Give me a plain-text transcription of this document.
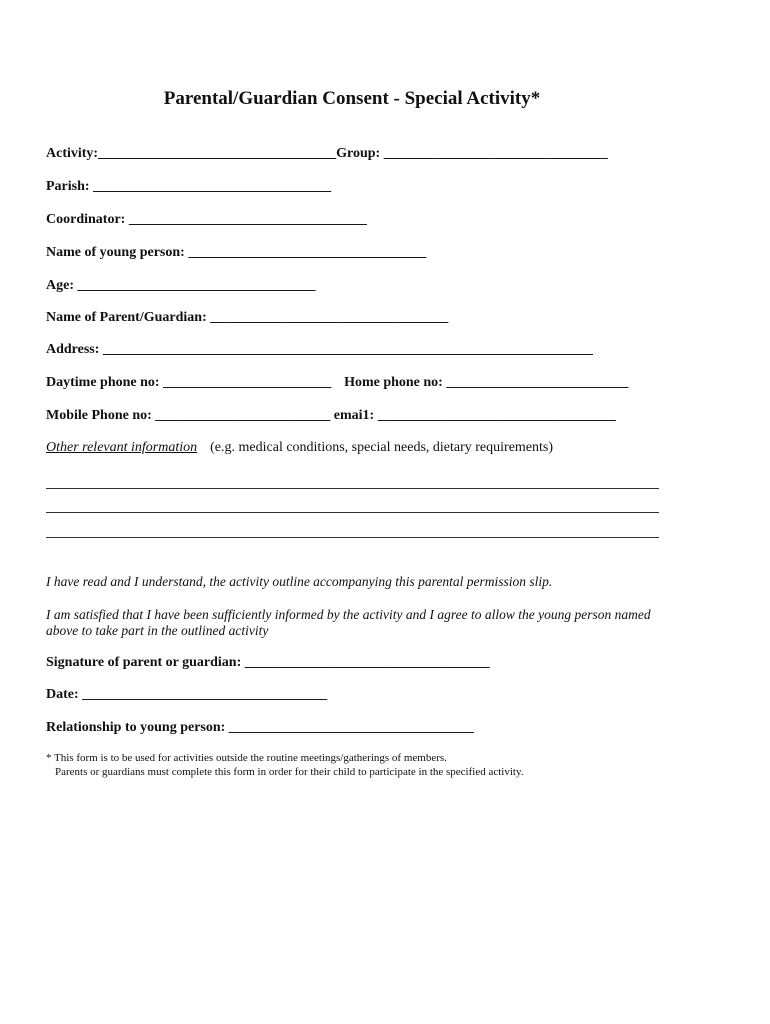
Parental/Guardian Consent - Special Activity*
Activity:__________________________________Group: ________________________________
Parish: __________________________________
Coordinator: __________________________________
Name of young person: __________________________________
Age: __________________________________
Name of Parent/Guardian: __________________________________
Address: ______________________________________________________________________
Daytime phone no: ________________________ Home phone no: __________________________
Mobile Phone no: _________________________ emai1: __________________________________
Other relevant information (e.g. medical conditions, special needs, dietary requirements)
I have read and I understand, the activity outline accompanying this parental permission slip.
I am satisfied that I have been sufficiently informed by the activity and I agree to allow the young person named above to take part in the outlined activity
Signature of parent or guardian: ___________________________________
Date: ___________________________________
Relationship to young person: ___________________________________
* This form is to be used for activities outside the routine meetings/gatherings of members.
Parents or guardians must complete this form in order for their child to participate in the specified activity.
